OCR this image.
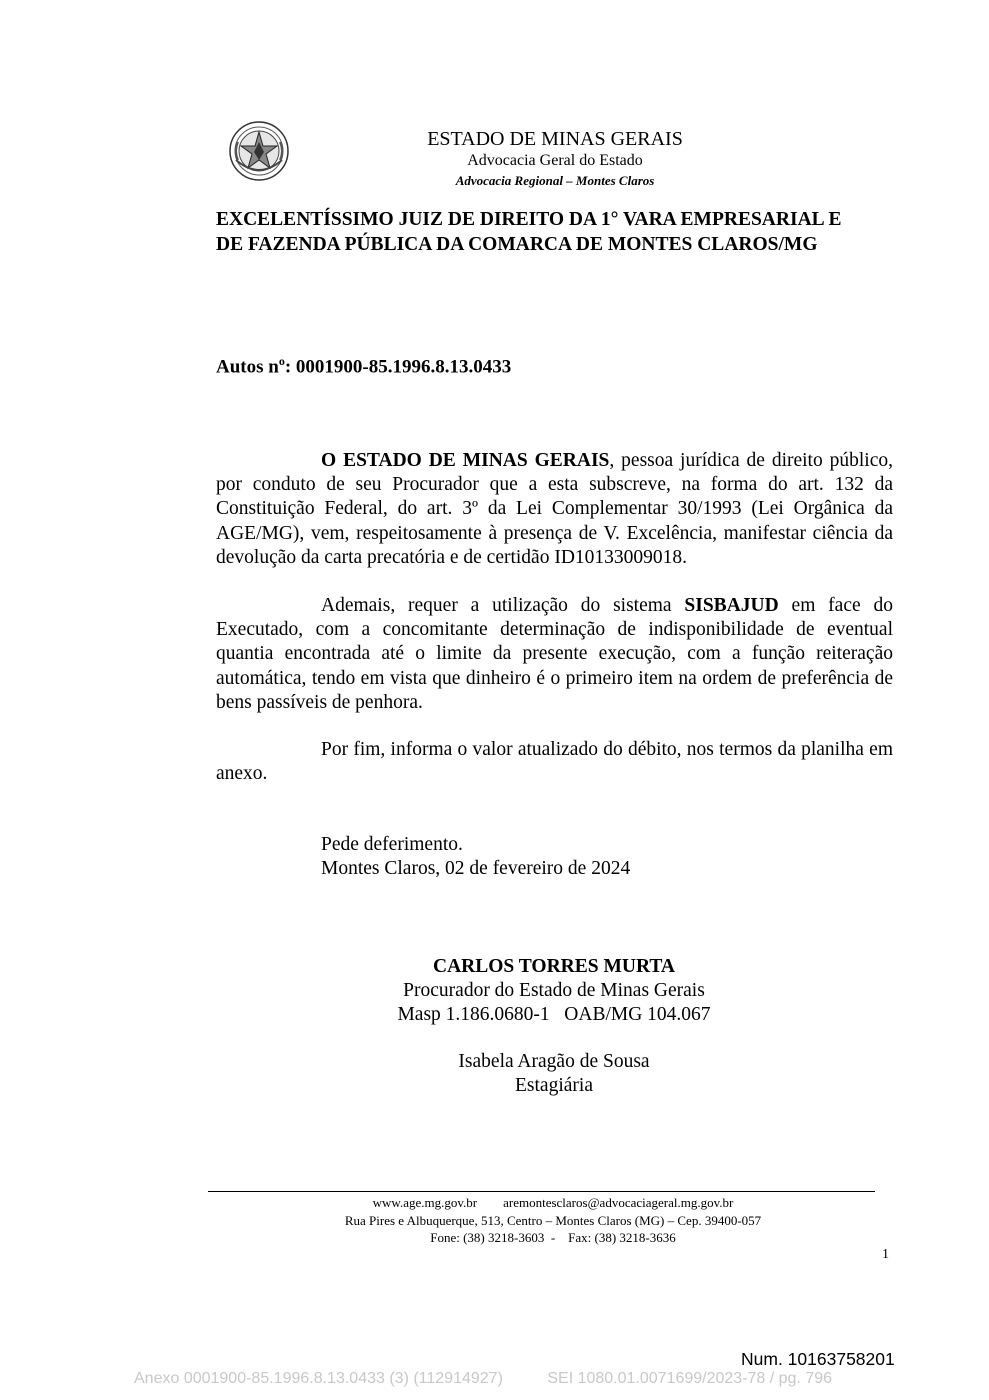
ESTADO DE MINAS GERAIS
Advocacia Geral do Estado
Advocacia Regional – Montes Claros
EXCELENTÍSSIMO JUIZ DE DIREITO DA 1° VARA EMPRESARIAL E
DE FAZENDA PÚBLICA DA COMARCA DE MONTES CLAROS/MG
Autos $n^o$: 0001900-85.1996.8.13.0433

O ESTADO DE MINAS GERAIS, pessoa jurídica de direito público, por conduto de seu Procurador que a esta subscreve, na forma do art. 132 da Constituição Federal, do art. 3º da Lei Complementar 30/1993 (Lei Orgânica da AGE/MG), vem, respeitosamente à presença de V. Excelência, manifestar ciência da devolução da carta precatória e de certidão ID10133009018.

Ademais, requer a utilização do sistema SISBAJUD em face do Executado, com a concomitante determinação de indisponibilidade de eventual quantia encontrada até o limite da presente execução, com a função reiteração automática, tendo em vista que dinheiro é o primeiro item na ordem de preferência de bens passíveis de penhora.

Por fim, informa o valor atualizado do débito, nos termos da planilha em anexo.

Pede deferimento.
Montes Claros, 02 de fevereiro de 2024
CARLOS TORRES MURTA
Procurador do Estado de Minas Gerais
Masp 1.186.0680-1   OAB/MG 104.067
Isabela Aragão de Sousa
Estagiária
www.age.mg.gov.br aremontesclaros@advocaciageral.mg.gov.br
Rua Pires e Albuquerque, 513, Centro – Montes Claros (MG) – Cep. 39400-057
Fone: (38) 3218-3603  -    Fax: (38) 3218-3636
1
Num. 10163758201
Anexo 0001900-85.1996.8.13.0433 (3) (112914927)          SEI 1080.01.0071699/2023-78 / pg. 796
